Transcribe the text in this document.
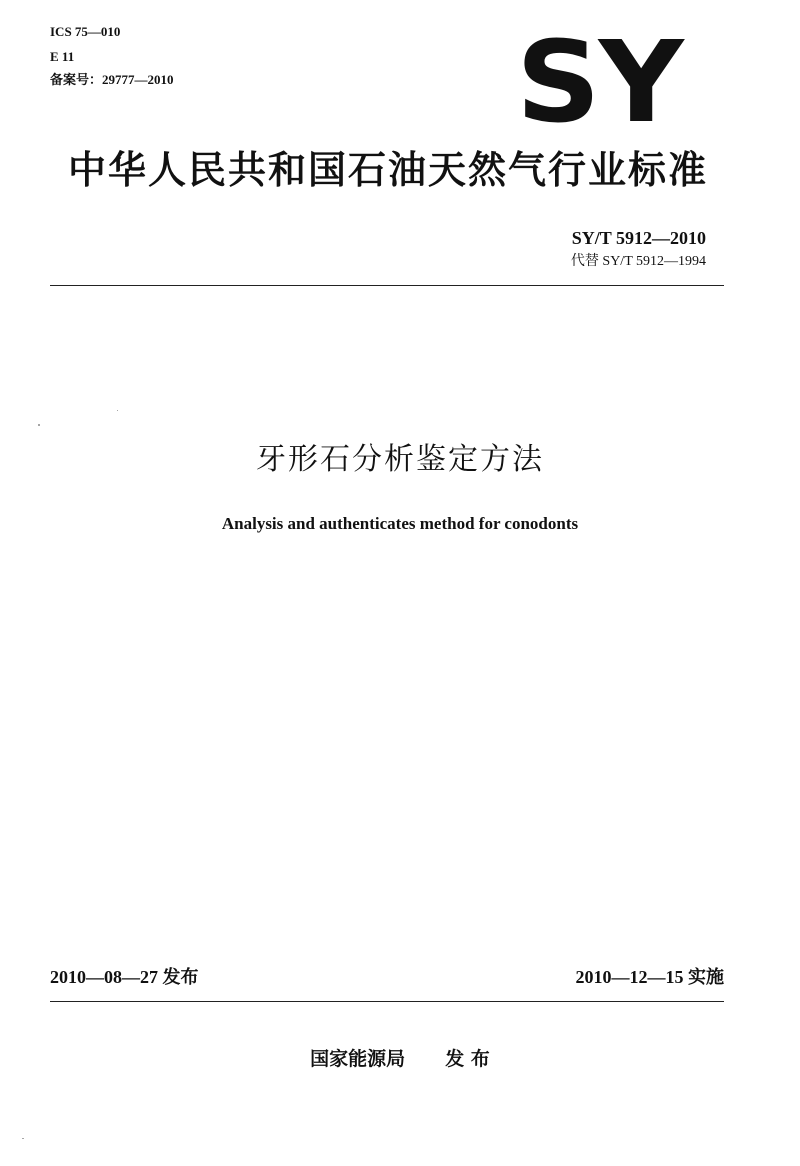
ICS 75—010
E 11
备案号：29777—2010	SY
中华人民共和国石油天然气行业标准
SY/T 5912—2010
代替 SY/T 5912—1994
牙形石分析鉴定方法
Analysis and authenticates method for conodonts
2010—08—27 发布	2010—12—15 实施
国家能源局 发 布
